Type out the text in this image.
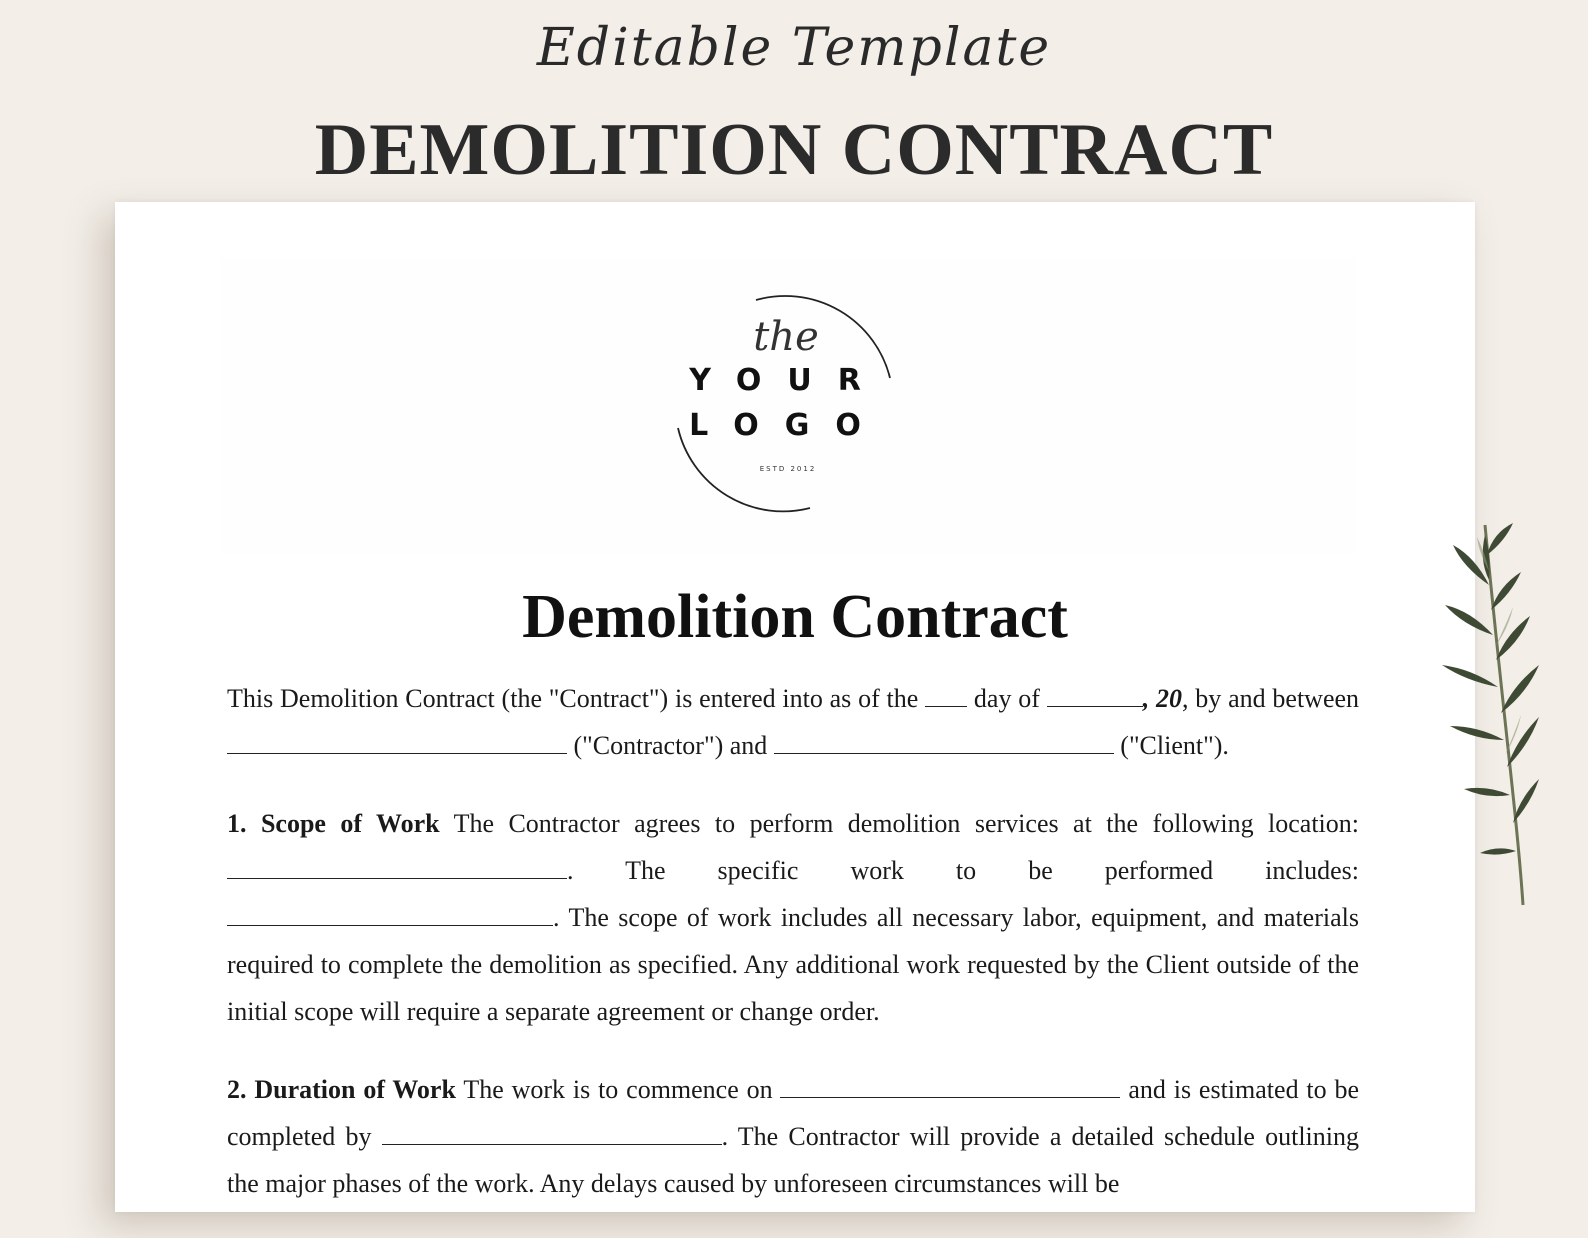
Editable Template
DEMOLITION CONTRACT
the
YOUR
LOGO
ESTD 2012
Demolition Contract

This Demolition Contract (the "Contract") is entered into as of the day of	, 20, by and between  ("Contractor") and	("Client").

1. Scope of Work The Contractor agrees to perform demolition services at the following location: . The specific work to be performed includes: . The scope of work includes all necessary labor, equipment, and materials required to complete the demolition as specified. Any additional work requested by the Client outside of the initial scope will require a separate agreement or change order.

2. Duration of Work The work is to commence on	and is estimated to be completed by	. The Contractor will provide a detailed schedule outlining the major phases of the work. Any delays caused by unforeseen circumstances will be
